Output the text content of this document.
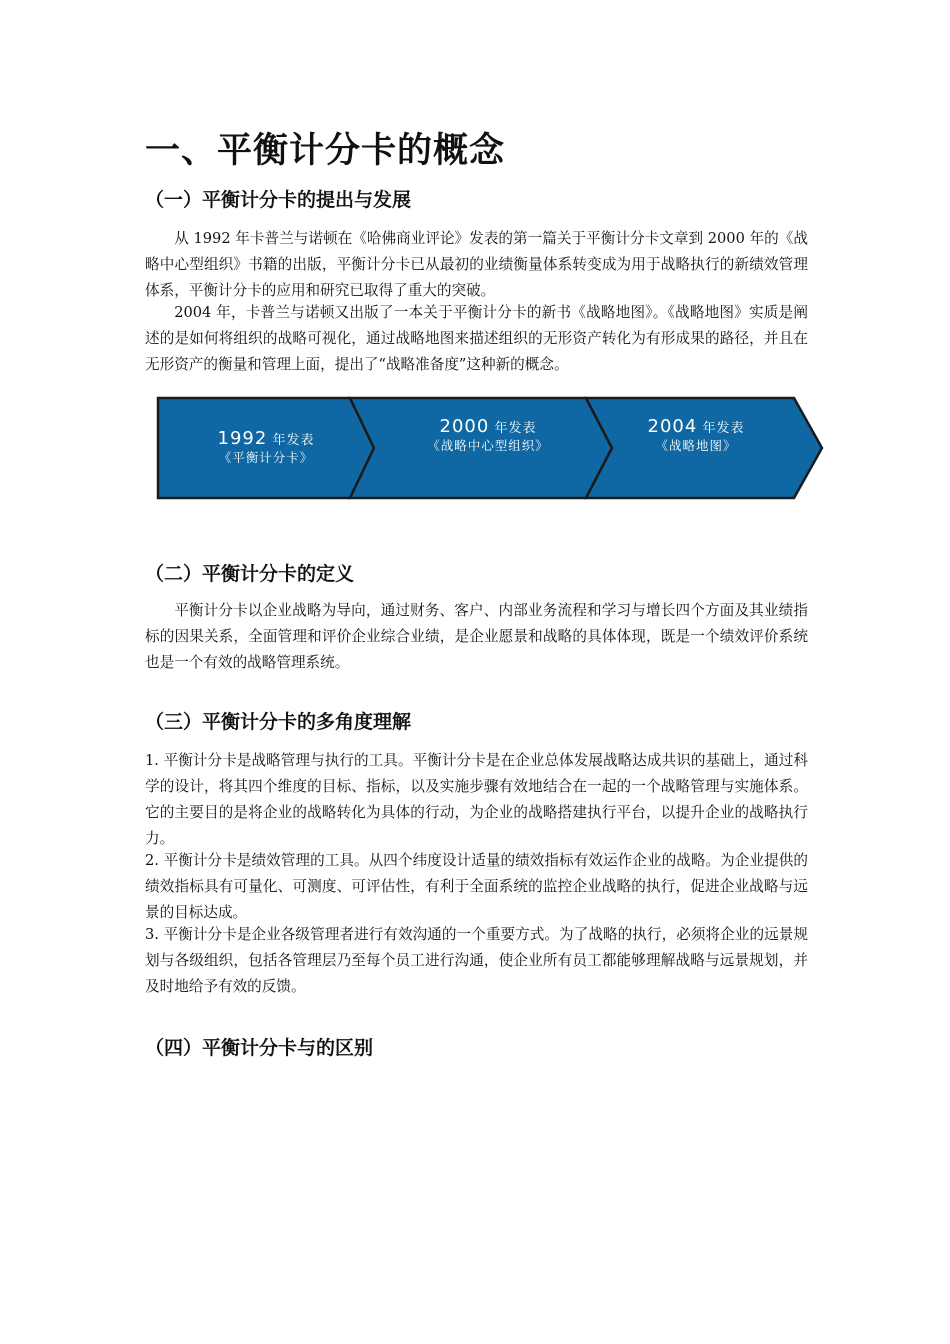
一、平衡计分卡的概念
（一）平衡计分卡的提出与发展

从 1992 年卡普兰与诺顿在《哈佛商业评论》发表的第一篇关于平衡计分卡文章到 2000 年的《战略中心型组织》书籍的出版，平衡计分卡已从最初的业绩衡量体系转变成为用于战略执行的新绩效管理体系，平衡计分卡的应用和研究已取得了重大的突破。

2004 年，卡普兰与诺顿又出版了一本关于平衡计分卡的新书《战略地图》。《战略地图》实质是阐述的是如何将组织的战略可视化，通过战略地图来描述组织的无形资产转化为有形成果的路径，并且在无形资产的衡量和管理上面，提出了“战略准备度”这种新的概念。

1992 年发表
《平衡计分卡》
2000 年发表
《战略中心型组织》
2004 年发表
《战略地图》
（二）平衡计分卡的定义

平衡计分卡以企业战略为导向，通过财务、客户、内部业务流程和学习与增长四个方面及其业绩指标的因果关系，全面管理和评价企业综合业绩，是企业愿景和战略的具体体现，既是一个绩效评价系统也是一个有效的战略管理系统。

（三）平衡计分卡的多角度理解

1. 平衡计分卡是战略管理与执行的工具。平衡计分卡是在企业总体发展战略达成共识的基础上，通过科学的设计，将其四个维度的目标、指标，以及实施步骤有效地结合在一起的一个战略管理与实施体系。它的主要目的是将企业的战略转化为具体的行动，为企业的战略搭建执行平台，以提升企业的战略执行力。

2. 平衡计分卡是绩效管理的工具。从四个纬度设计适量的绩效指标有效运作企业的战略。为企业提供的绩效指标具有可量化、可测度、可评估性，有利于全面系统的监控企业战略的执行，促进企业战略与远景的目标达成。

3. 平衡计分卡是企业各级管理者进行有效沟通的一个重要方式。为了战略的执行，必须将企业的远景规划与各级组织，包括各管理层乃至每个员工进行沟通，使企业所有员工都能够理解战略与远景规划，并及时地给予有效的反馈。

（四）平衡计分卡与的区别
